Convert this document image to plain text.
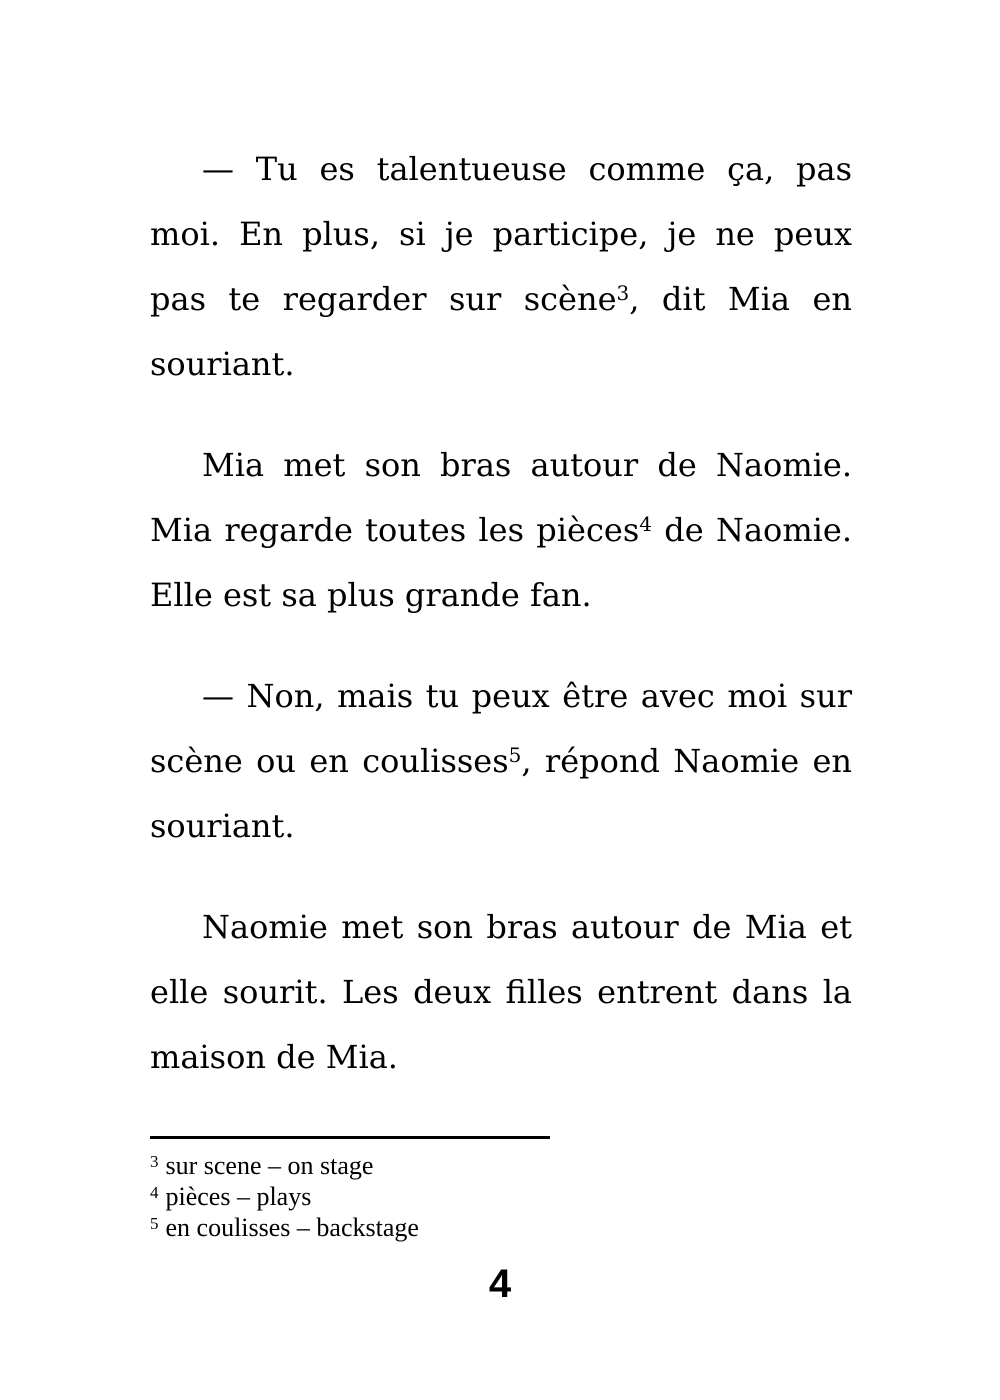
— Tu es talentueuse comme ça, pas
moi. En plus, si je participe, je ne peux
pas te regarder sur scène$^3$, dit Mia en
souriant.
Mia met son bras autour de Naomie.
Mia regarde toutes les pièces$^4$ de Naomie.
Elle est sa plus grande fan.
— Non, mais tu peux être avec moi sur
scène ou en coulisses$^5$, répond Naomie en
souriant.
Naomie met son bras autour de Mia et
elle sourit. Les deux filles entrent dans la
maison de Mia.
$^3$ sur scene – on stage
$^4$ pièces – plays
$^5$ en coulisses – backstage
4
